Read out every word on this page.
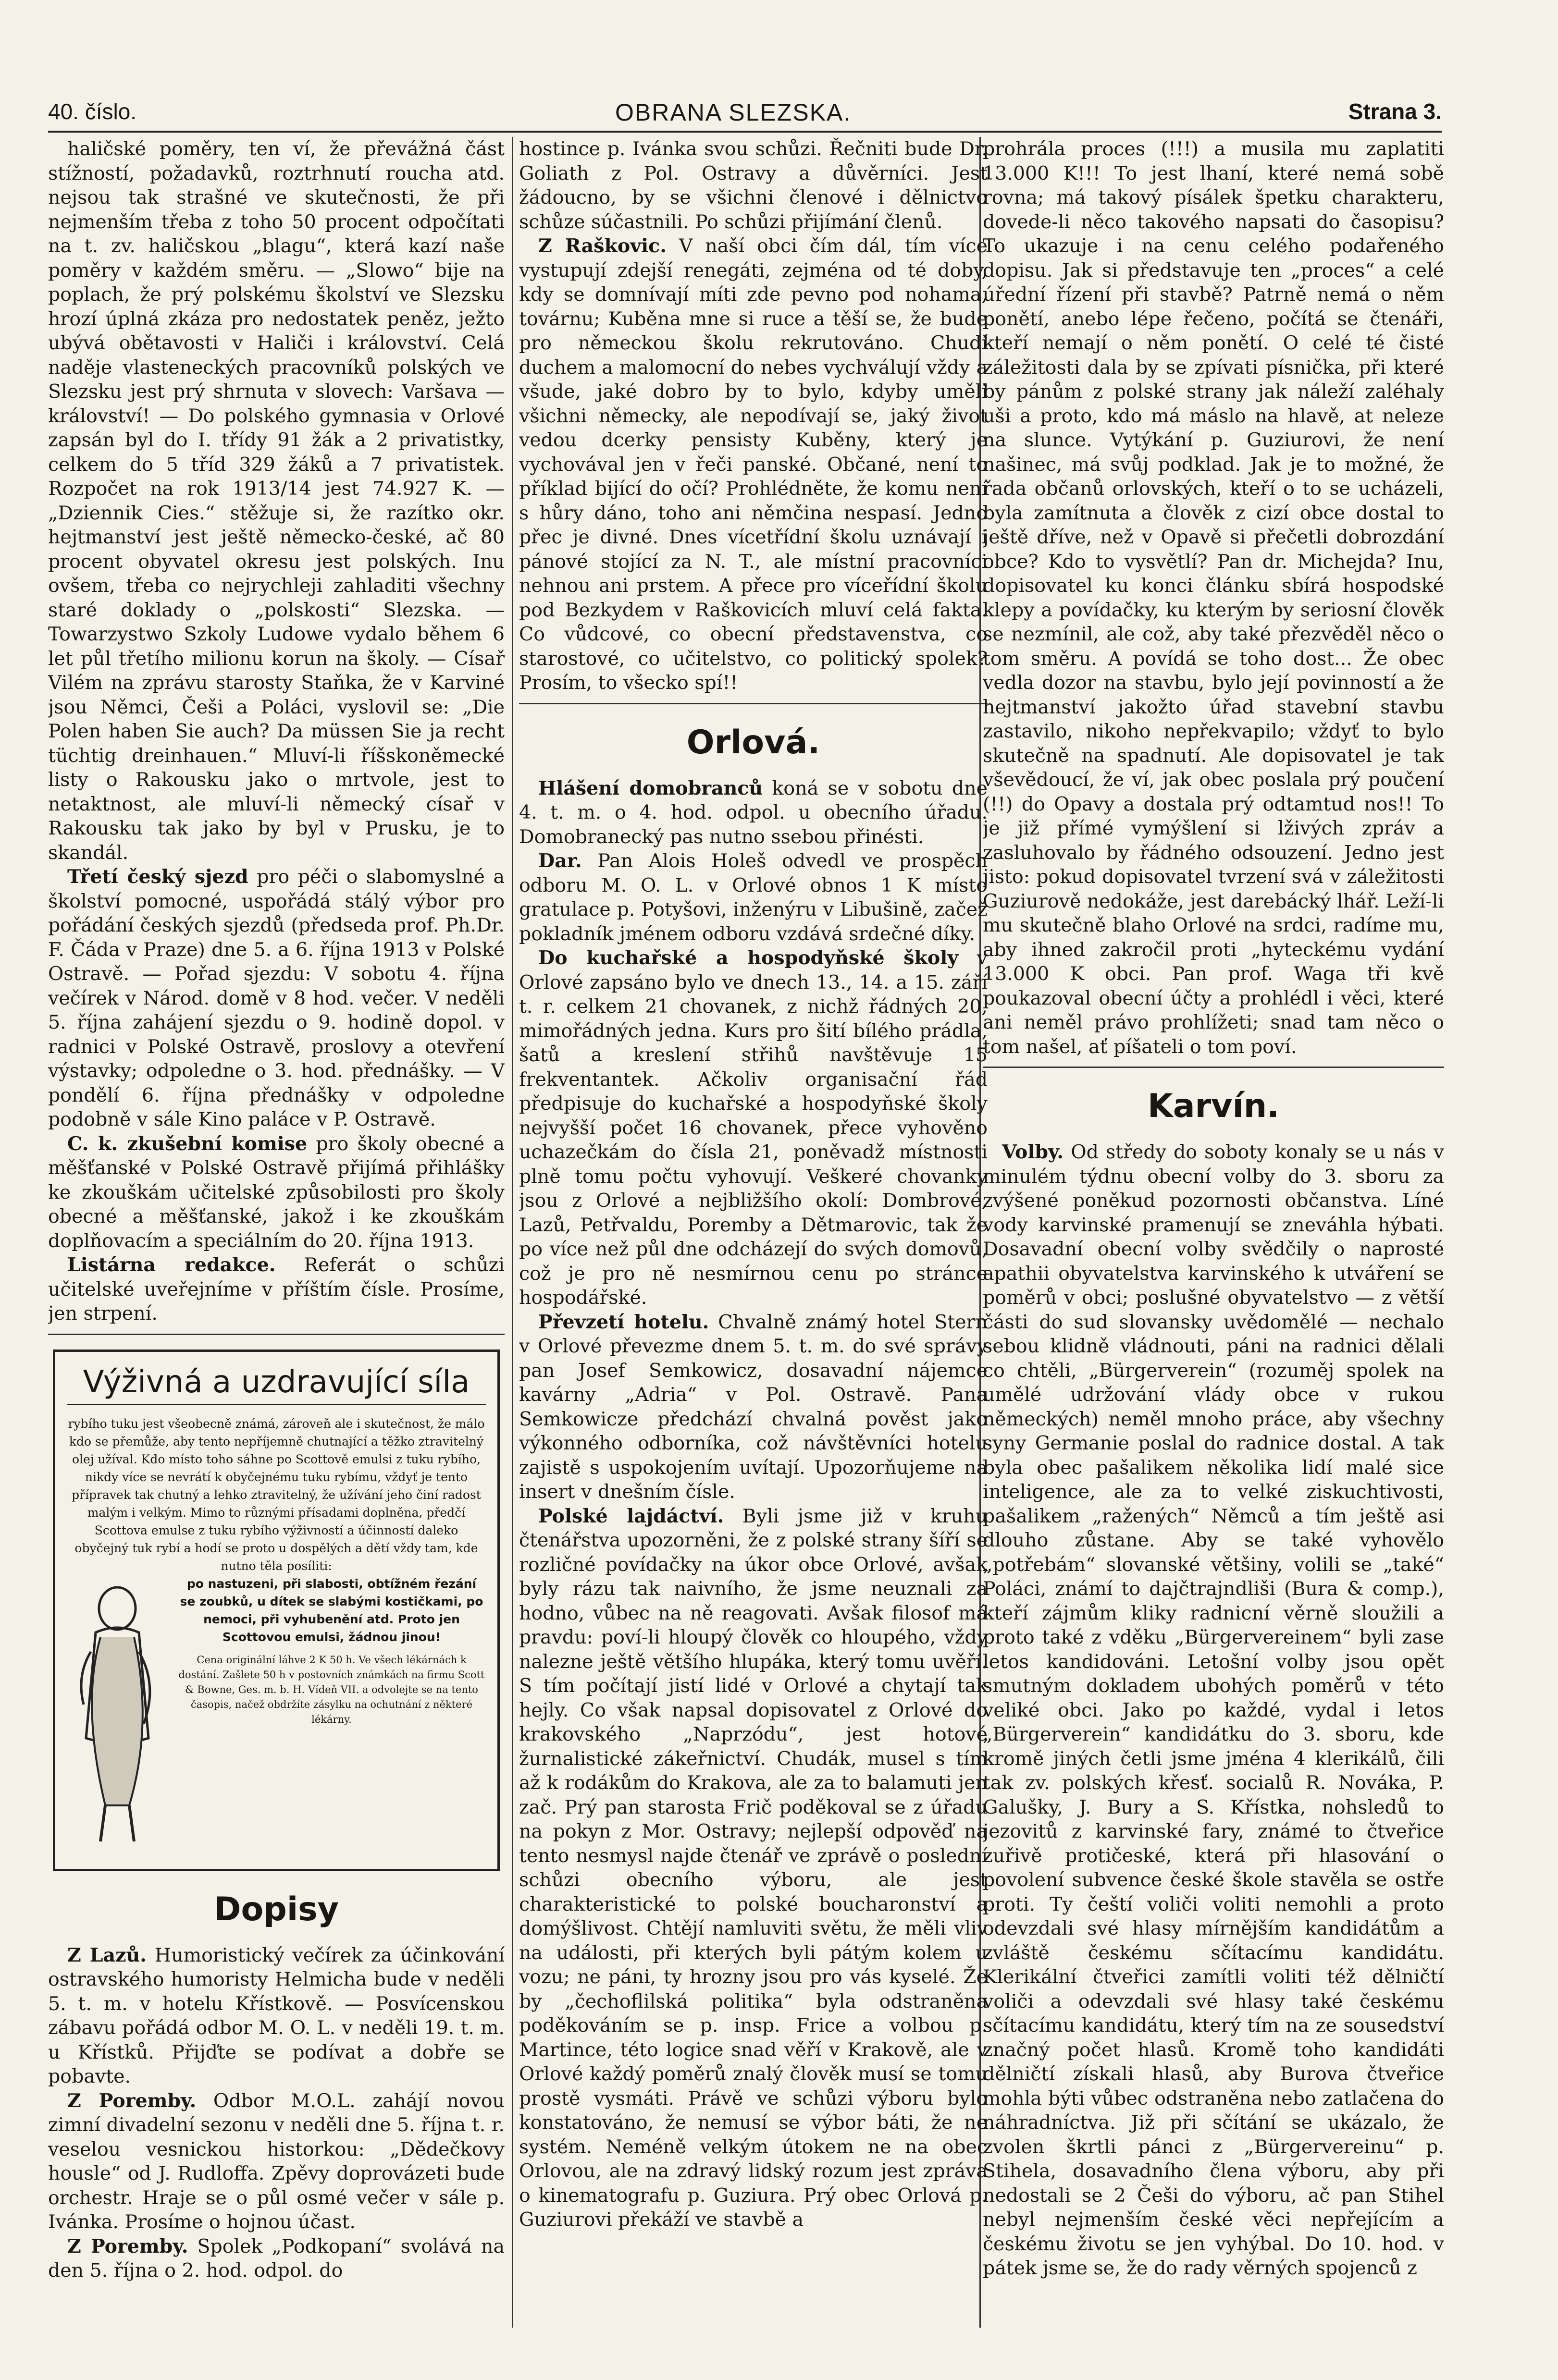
40. číslo.	OBRANA SLEZSKA.	Strana 3.

haličské poměry, ten ví, že převážná část stížností, požadavků, roztrhnutí roucha atd. nejsou tak strašné ve skutečnosti, že při nejmenším třeba z toho 50 procent odpočítati na t. zv. haličskou „blagu“, která kazí naše poměry v každém směru. — „Slowo“ bije na poplach, že prý polskému školství ve Slezsku hrozí úplná zkáza pro nedostatek peněz, ježto ubývá obětavosti v Haliči i království. Celá naděje vlasteneckých pracovníků polských ve Slezsku jest prý shrnuta v slovech: Varšava — království! — Do polského gymnasia v Orlové zapsán byl do I. třídy 91 žák a 2 privatistky, celkem do 5 tříd 329 žáků a 7 privatistek. Rozpočet na rok 1913/14 jest 74.927 K. — „Dziennik Cies.“ stěžuje si, že razítko okr. hejtmanství jest ještě německo-české, ač 80 procent obyvatel okresu jest polských. Inu ovšem, třeba co nejrychleji zahladiti všechny staré doklady o „polskosti“ Slezska. — Towarzystwo Szkoly Ludowe vydalo během 6 let půl třetího milionu korun na školy. — Císař Vilém na zprávu starosty Staňka, že v Karviné jsou Němci, Češi a Poláci, vyslovil se: „Die Polen haben Sie auch? Da müssen Sie ja recht tüchtig dreinhauen.“ Mluví-li říšskoněmecké listy o Rakousku jako o mrtvole, jest to netaktnost, ale mluví-li německý císař v Rakousku tak jako by byl v Prusku, je to skandál.

Třetí český sjezd pro péči o slabomyslné a školství pomocné, uspořádá stálý výbor pro pořádání českých sjezdů (předseda prof. Ph.Dr. F. Čáda v Praze) dne 5. a 6. října 1913 v Polské Ostravě. — Pořad sjezdu: V sobotu 4. října večírek v Národ. domě v 8 hod. večer. V neděli 5. října zahájení sjezdu o 9. hodině dopol. v radnici v Polské Ostravě, proslovy a otevření výstavky; odpoledne o 3. hod. přednášky. — V pondělí 6. října přednášky v odpoledne podobně v sále Kino paláce v P. Ostravě.

C. k. zkušební komise pro školy obecné a měšťanské v Polské Ostravě přijímá přihlášky ke zkouškám učitelské způsobilosti pro školy obecné a měšťanské, jakož i ke zkouškám doplňovacím a speciálním do 20. října 1913.

Listárna redakce. Referát o schůzi učitelské uveřejníme v příštím čísle. Prosíme, jen strpení.

Výživná a uzdravující síla
rybího tuku jest všeobecně známá, zároveň ale i skutečnost, že málo kdo se přemůže, aby tento nepříjemně chutnající a těžko ztravitelný olej užíval. Kdo místo toho sáhne po Scottově emulsi z tuku rybího, nikdy více se nevrátí k obyčejnému tuku rybímu, vždyť je tento přípravek tak chutný a lehko ztravitelný, že užívání jeho činí radost malým i velkým. Mimo to různými přísadami doplněna, předčí Scottova emulse z tuku rybího výživností a účinností daleko obyčejný tuk rybí a hodí se proto u dospělých a dětí vždy tam, kde nutno těla posíliti:
po nastuzeni, při slabosti, obtížném řezání se zoubků, u dítek se slabými kostičkami, po nemoci, při vyhubenění atd. Proto jen Scottovou emulsi, žádnou jinou!
Cena originální láhve 2 K 50 h. Ve všech lékárnách k dostání. Zašlete 50 h v postovních známkách na firmu Scott & Bowne, Ges. m. b. H. Vídeň VII. a odvolejte se na tento časopis, načež obdržíte zásylku na ochutnání z některé lékárny.
Dopisy

Z Lazů. Humoristický večírek za účinkování ostravského humoristy Helmicha bude v neděli 5. t. m. v hotelu Křístkově. — Posvícenskou zábavu pořádá odbor M. O. L. v neděli 19. t. m. u Křístků. Přijďte se podívat a dobře se pobavte.

Z Poremby. Odbor M.O.L. zahájí novou zimní divadelní sezonu v neděli dne 5. října t. r. veselou vesnickou historkou: „Dědečkovy housle“ od J. Rudloffa. Zpěvy doprovázeti bude orchestr. Hraje se o půl osmé večer v sále p. Ivánka. Prosíme o hojnou účast.

Z Poremby. Spolek „Podkopaní“ svolává na den 5. října o 2. hod. odpol. do

hostince p. Ivánka svou schůzi. Řečniti bude Dr. Goliath z Pol. Ostravy a důvěrníci. Jest žádoucno, by se všichni členové i dělnictvo schůze súčastnili. Po schůzi přijímání členů.

Z Raškovic. V naší obci čím dál, tím více vystupují zdejší renegáti, zejména od té doby, kdy se domnívají míti zde pevno pod nohama, továrnu; Kuběna mne si ruce a těší se, že bude pro německou školu rekrutováno. Chudí duchem a malomocní do nebes vychválují vždy a všude, jaké dobro by to bylo, kdyby uměli všichni německy, ale nepodívají se, jaký život vedou dcerky pensisty Kuběny, který je vychovával jen v řeči panské. Občané, není to příklad bijící do očí? Prohlédněte, že komu není s hůry dáno, toho ani němčina nespasí. Jedno přec je divné. Dnes vícetřídní školu uznávají i pánové stojící za N. T., ale místní pracovníci nehnou ani prstem. A přece pro víceřídní školu pod Bezkydem v Raškovicích mluví celá fakta. Co vůdcové, co obecní představenstva, co starostové, co učitelstvo, co politický spolek? Prosím, to všecko spí!!

Orlová.

Hlášení domobranců koná se v sobotu dne 4. t. m. o 4. hod. odpol. u obecního úřadu. Domobranecký pas nutno ssebou přinésti.

Dar. Pan Alois Holeš odvedl ve prospěch odboru M. O. L. v Orlové obnos 1 K místo gratulace p. Potyšovi, inženýru v Libušině, začež pokladník jménem odboru vzdává srdečné díky.

Do kuchařské a hospodyňské školy v Orlové zapsáno bylo ve dnech 13., 14. a 15. září t. r. celkem 21 chovanek, z nichž řádných 20, mimořádných jedna. Kurs pro šití bílého prádla, šatů a kreslení střihů navštěvuje 15 frekventantek. Ačkoliv organisační řád předpisuje do kuchařské a hospodyňské školy nejvyšší počet 16 chovanek, přece vyhověno uchazečkám do čísla 21, poněvadž místnosti plně tomu počtu vyhovují. Veškeré chovanky jsou z Orlové a nejbližšího okolí: Dombrové, Lazů, Petřvaldu, Poremby a Dětmarovic, tak že po více než půl dne odcházejí do svých domovů, což je pro ně nesmírnou cenu po stránce hospodářské.

Převzetí hotelu. Chvalně známý hotel Stern v Orlové převezme dnem 5. t. m. do své správy pan Josef Semkowicz, dosavadní nájemce kavárny „Adria“ v Pol. Ostravě. Pana Semkowicze předchází chvalná pověst jako výkonného odborníka, což návštěvníci hotelu zajistě s uspokojením uvítají. Upozorňujeme na insert v dnešním čísle.

Polské lajdáctví. Byli jsme již v kruhu čtenářstva upozorněni, že z polské strany šíří se rozličné povídačky na úkor obce Orlové, avšak byly rázu tak naivního, že jsme neuznali za hodno, vůbec na ně reagovati. Avšak filosof má pravdu: poví-li hloupý člověk co hloupého, vždy nalezne ještě většího hlupáka, který tomu uvěří. S tím počítají jistí lidé v Orlové a chytají tak hejly. Co však napsal dopisovatel z Orlové do krakovského „Naprzódu“, jest hotové žurnalistické zákeřnictví. Chudák, musel s tím až k rodákům do Krakova, ale za to balamuti jen zač. Prý pan starosta Frič poděkoval se z úřadu na pokyn z Mor. Ostravy; nejlepší odpověď na tento nesmysl najde čtenář ve zprávě o poslední schůzi obecního výboru, ale jest charakteristické to polské boucharonství a domýšlivost. Chtějí namluviti světu, že měli vliv na události, při kterých byli pátým kolem u vozu; ne páni, ty hrozny jsou pro vás kyselé. Že by „čechoflilská politika“ byla odstraněna poděkováním se p. insp. Frice a volbou p. Martince, této logice snad věří v Krakově, ale v Orlové každý poměrů znalý člověk musí se tomu prostě vysmáti. Právě ve schůzi výboru bylo konstatováno, že nemusí se výbor báti, že ne systém. Neméně velkým útokem ne na obec Orlovou, ale na zdravý lidský rozum jest zpráva o kinematografu p. Guziura. Prý obec Orlová p. Guziurovi překáží ve stavbě a

prohrála proces (!!!) a musila mu zaplatiti 13.000 K!!! To jest lhaní, které nemá sobě rovna; má takový písálek špetku charakteru, dovede-li něco takového napsati do časopisu? To ukazuje i na cenu celého podařeného dopisu. Jak si představuje ten „proces“ a celé úřední řízení při stavbě? Patrně nemá o něm ponětí, anebo lépe řečeno, počítá se čtenáři, kteří nemají o něm ponětí. O celé té čisté záležitosti dala by se zpívati písnička, při které by pánům z polské strany jak náleží zaléhaly uši a proto, kdo má máslo na hlavě, at neleze na slunce. Vytýkání p. Guziurovi, že není našinec, má svůj podklad. Jak je to možné, že řada občanů orlovských, kteří o to se ucházeli, byla zamítnuta a člověk z cizí obce dostal to ještě dříve, než v Opavě si přečetli dobrozdání obce? Kdo to vysvětlí? Pan dr. Michejda? Inu, dopisovatel ku konci článku sbírá hospodské klepy a povídačky, ku kterým by seriosní člověk se nezmínil, ale což, aby také přezvěděl něco o tom směru. A povídá se toho dost... Že obec vedla dozor na stavbu, bylo její povinností a že hejtmanství jakožto úřad stavební stavbu zastavilo, nikoho nepřekvapilo; vždyť to bylo skutečně na spadnutí. Ale dopisovatel je tak vševědoucí, že ví, jak obec poslala prý poučení (!!) do Opavy a dostala prý odtamtud nos!! To je již přímé vymýšlení si lživých zpráv a zasluhovalo by řádného odsouzení. Jedno jest jisto: pokud dopisovatel tvrzení svá v záležitosti Guziurově nedokáže, jest darebácký lhář. Leží-li mu skutečně blaho Orlové na srdci, radíme mu, aby ihned zakročil proti „hyteckému vydání 13.000 K obci. Pan prof. Waga tři kvě poukazoval obecní účty a prohlédl i věci, které ani neměl právo prohlížeti; snad tam něco o tom našel, ať píšateli o tom poví.

Karvín.

Volby. Od středy do soboty konaly se u nás v minulém týdnu obecní volby do 3. sboru za zvýšené poněkud pozornosti občanstva. Líné vody karvinské pramenují se zneváhla hýbati. Dosavadní obecní volby svědčily o naprosté apathii obyvatelstva karvinského k utváření se poměrů v obci; poslušné obyvatelstvo — z větší části do sud slovansky uvědomělé — nechalo sebou klidně vládnouti, páni na radnici dělali co chtěli, „Bürgerverein“ (rozuměj spolek na umělé udržování vlády obce v rukou německých) neměl mnoho práce, aby všechny syny Germanie poslal do radnice dostal. A tak byla obec pašalikem několika lidí malé sice inteligence, ale za to velké ziskuchtivosti, pašalikem „ražených“ Němců a tím ještě asi dlouho zůstane. Aby se také vyhovělo „potřebám“ slovanské většiny, volili se „také“ Poláci, známí to dajčtrajndliši (Bura & comp.), kteří zájmům kliky radnicní věrně sloužili a proto také z vděku „Bürgervereinem“ byli zase letos kandidováni. Letošní volby jsou opět smutným dokladem ubohých poměrů v této veliké obci. Jako po každé, vydal i letos „Bürgerverein“ kandidátku do 3. sboru, kde kromě jiných četli jsme jména 4 klerikálů, čili tak zv. polských křesť. socialů R. Nováka, P. Galušky, J. Bury a S. Křístka, nohsledů to jezovitů z karvinské fary, známé to čtveřice zuřivě protičeské, která při hlasování o povolení subvence české škole stavěla se ostře proti. Ty čeští voliči voliti nemohli a proto odevzdali své hlasy mírnějším kandidátům a zvláště českému sčítacímu kandidátu. Klerikální čtveřici zamítli voliti též dělničtí voliči a odevzdali své hlasy také českému sčítacímu kandidátu, který tím na ze sousedství značný počet hlasů. Kromě toho kandidáti dělničtí získali hlasů, aby Burova čtveřice mohla býti vůbec odstraněna nebo zatlačena do náhradníctva. Již při sčítání se ukázalo, že zvolen škrtli pánci z „Bürgervereinu“ p. Stihela, dosavadního člena výboru, aby při nedostali se 2 Češi do výboru, ač pan Stihel nebyl nejmenším české věci nepřejícím a českému životu se jen vyhýbal. Do 10. hod. v pátek jsme se, že do rady věrných spojenců z
